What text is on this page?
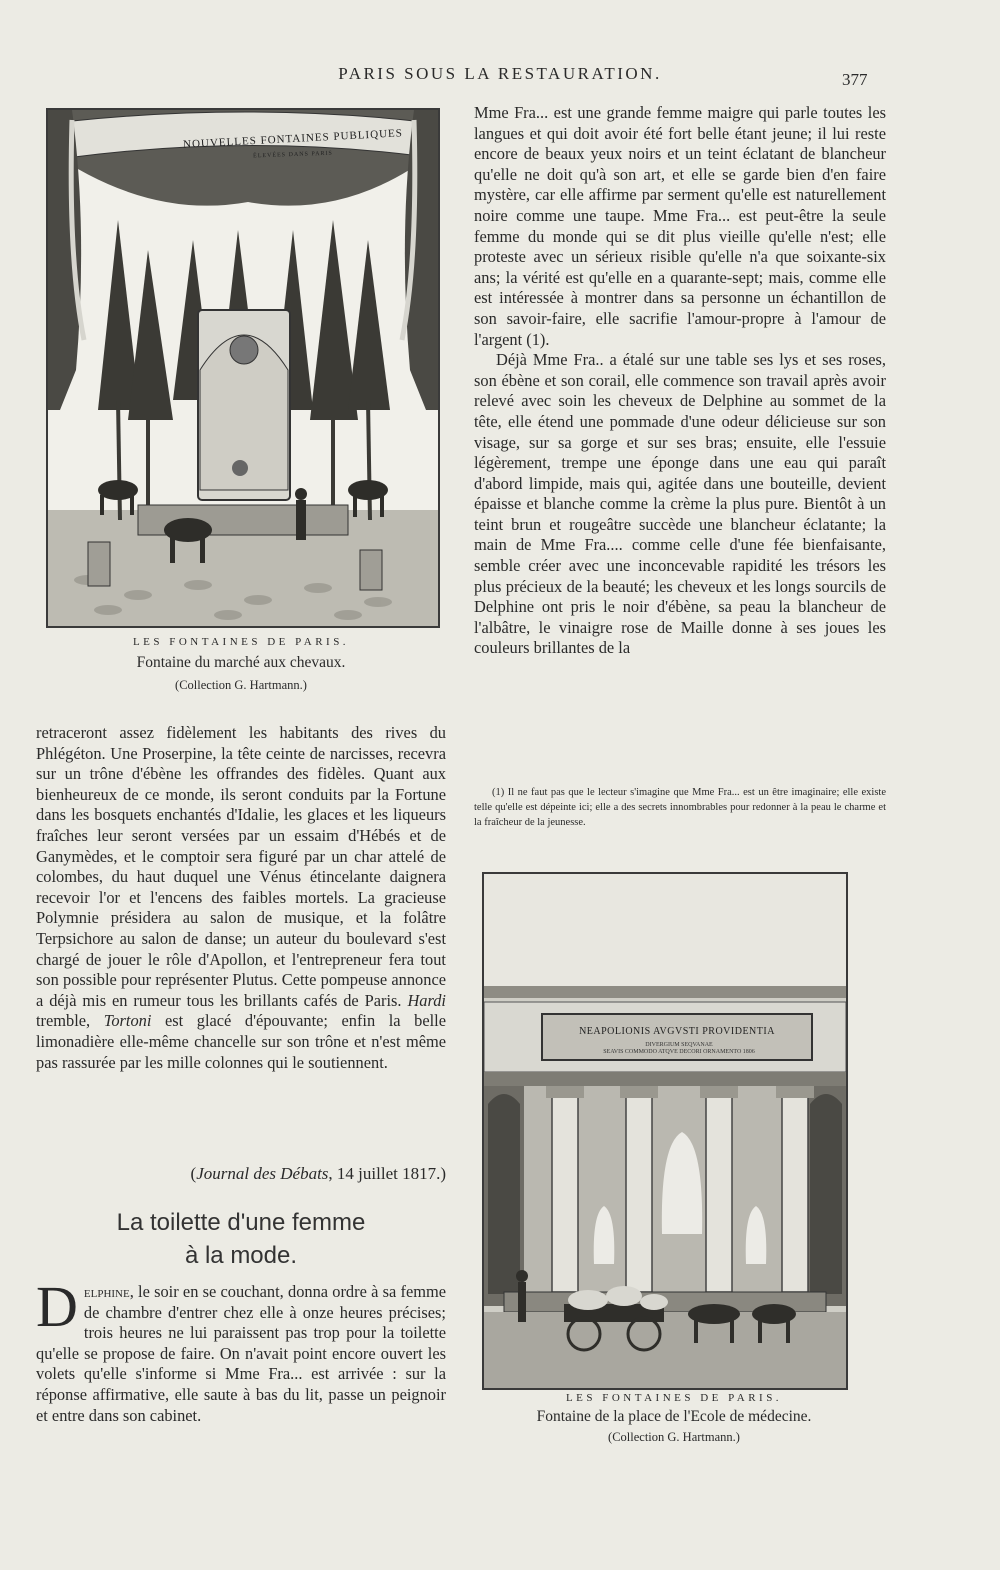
PARIS SOUS LA RESTAURATION.	377
NOUVELLES FONTAINES PUBLIQUES
ÉLEVÉES DANS PARIS
LES FONTAINES DE PARIS.
Fontaine du marché aux chevaux.
(Collection G. Hartmann.)

retraceront assez fidèlement les habitants des rives du Phlégéton. Une Proserpine, la tête ceinte de narcisses, recevra sur un trône d'ébène les offrandes des fidèles. Quant aux bienheureux de ce monde, ils seront conduits par la Fortune dans les bosquets enchantés d'Idalie, les glaces et les liqueurs fraîches leur seront versées par un essaim d'Hébés et de Ganymèdes, et le comptoir sera figuré par un char attelé de colombes, du haut duquel une Vénus étincelante daignera recevoir l'or et l'encens des faibles mortels. La gracieuse Polymnie présidera au salon de musique, et la folâtre Terpsichore au salon de danse; un auteur du boulevard s'est chargé de jouer le rôle d'Apollon, et l'entrepreneur fera tout son possible pour représenter Plutus. Cette pompeuse annonce a déjà mis en rumeur tous les brillants cafés de Paris. Hardi tremble, Tortoni est glacé d'épouvante; enfin la belle limonadière elle-même chancelle sur son trône et n'est même pas rassurée par les mille colonnes qui le soutiennent.

(Journal des Débats, 14 juillet 1817.)
La toilette d'une femme
à la mode.
Delphine, le soir en se couchant, donna ordre à sa femme de chambre d'entrer chez elle à onze heures précises; trois heures ne lui paraissent pas trop pour la toilette qu'elle se propose de faire. On n'avait point encore ouvert les volets qu'elle s'informe si Mme Fra... est arrivée : sur la réponse affirmative, elle saute à bas du lit, passe un peignoir et entre dans son cabinet.

Mme Fra... est une grande femme maigre qui parle toutes les langues et qui doit avoir été fort belle étant jeune; il lui reste encore de beaux yeux noirs et un teint éclatant de blancheur qu'elle ne doit qu'à son art, et elle se garde bien d'en faire mystère, car elle affirme par serment qu'elle est naturellement noire comme une taupe. Mme Fra... est peut-être la seule femme du monde qui se dit plus vieille qu'elle n'est; elle proteste avec un sérieux risible qu'elle n'a que soixante-six ans; la vérité est qu'elle en a quarante-sept; mais, comme elle est intéressée à montrer dans sa personne un échantillon de son savoir-faire, elle sacrifie l'amour-propre à l'amour de l'argent (1).

Déjà Mme Fra.. a étalé sur une table ses lys et ses roses, son ébène et son corail, elle commence son travail après avoir relevé avec soin les cheveux de Delphine au sommet de la tête, elle étend une pommade d'une odeur délicieuse sur son visage, sur sa gorge et sur ses bras; ensuite, elle l'essuie légèrement, trempe une éponge dans une eau qui paraît d'abord limpide, mais qui, agitée dans une bouteille, devient épaisse et blanche comme la crème la plus pure. Bientôt à un teint brun et rougeâtre succède une blancheur éclatante; la main de Mme Fra.... comme celle d'une fée bienfaisante, semble créer avec une inconcevable rapidité les trésors les plus précieux de la beauté; les cheveux et les longs sourcils de Delphine ont pris le noir d'ébène, sa peau la blancheur de l'albâtre, le vinaigre rose de Maille donne à ses joues les couleurs brillantes de la

(1) Il ne faut pas que le lecteur s'imagine que Mme Fra... est un être imaginaire; elle existe telle qu'elle est dépeinte ici; elle a des secrets innombrables pour redonner à la peau le charme et la fraîcheur de la jeunesse.

NEAPOLIONIS AVGVSTI PROVIDENTIA
DIVERGIUM SEQVANAE
SEAVIS COMMODO ATQVE DECORI ORNAMENTO 1806
LES FONTAINES DE PARIS.
Fontaine de la place de l'Ecole de médecine.
(Collection G. Hartmann.)
